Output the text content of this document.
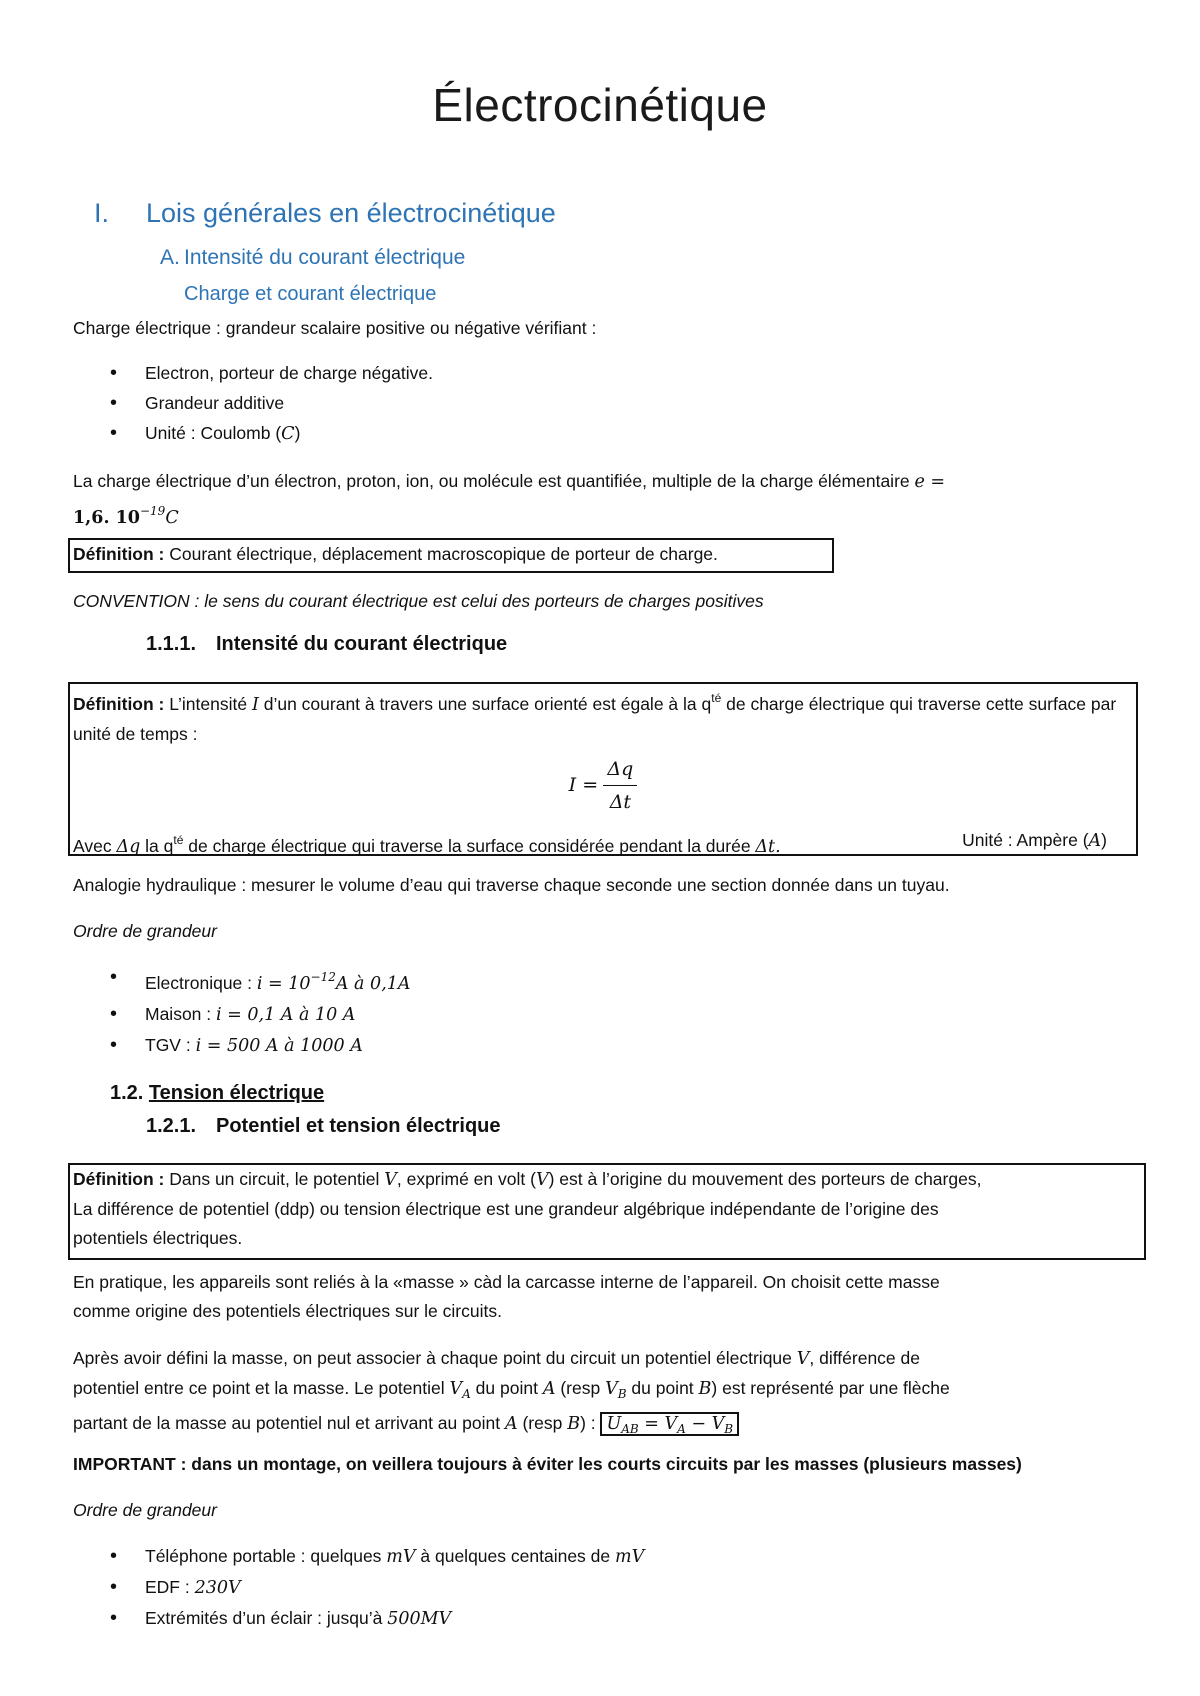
Électrocinétique
I. Lois générales en électrocinétique
A. Intensité du courant électrique
Charge et courant électrique
Charge électrique : grandeur scalaire positive ou négative vérifiant :
• Electron, porteur de charge négative.
• Grandeur additive
• Unité : Coulomb (C)
La charge électrique d’un électron, proton, ion, ou molécule est quantifiée, multiple de la charge élémentaire e =
1,6. $10^{-19}C$
Définition : Courant électrique, déplacement macroscopique de porteur de charge.
CONVENTION : le sens du courant électrique est celui des porteurs de charges positives
1.1.1. Intensité du courant électrique
Définition : L’intensité I d’un courant à travers une surface orienté est égale à la $q^{té}$ de charge électrique qui traverse cette surface par unité de temps :
$I = \frac{\Delta q}{\Delta t}$
Avec Δq la $q^{té}$ de charge électrique qui traverse la surface considérée pendant la durée Δt.	Unité : Ampère (A)
Analogie hydraulique : mesurer le volume d’eau qui traverse chaque seconde une section donnée dans un tuyau.
Ordre de grandeur
• Electronique : $i = 10^{-12}A$ à 0,1A
• Maison : i = 0,1 A à 10 A
• TGV : i = 500 A à 1000 A
1.2. Tension électrique
1.2.1. Potentiel et tension électrique
Définition : Dans un circuit, le potentiel V, exprimé en volt (V) est à l’origine du mouvement des porteurs de charges,
La différence de potentiel (ddp) ou tension électrique est une grandeur algébrique indépendante de l’origine des
potentiels électriques.
En pratique, les appareils sont reliés à la «masse » càd la carcasse interne de l’appareil. On choisit cette masse
comme origine des potentiels électriques sur le circuits.
Après avoir défini la masse, on peut associer à chaque point du circuit un potentiel électrique V, différence de
potentiel entre ce point et la masse. Le potentiel $V_A$ du point A (resp $V_B$ du point B) est représenté par une flèche
partant de la masse au potentiel nul et arrivant au point A (resp B) : $U_{AB} = V_A - V_B$
IMPORTANT : dans un montage, on veillera toujours à éviter les courts circuits par les masses (plusieurs masses)
Ordre de grandeur
• Téléphone portable : quelques mV à quelques centaines de mV
• EDF : 230V
• Extrémités d’un éclair : jusqu’à 500MV
